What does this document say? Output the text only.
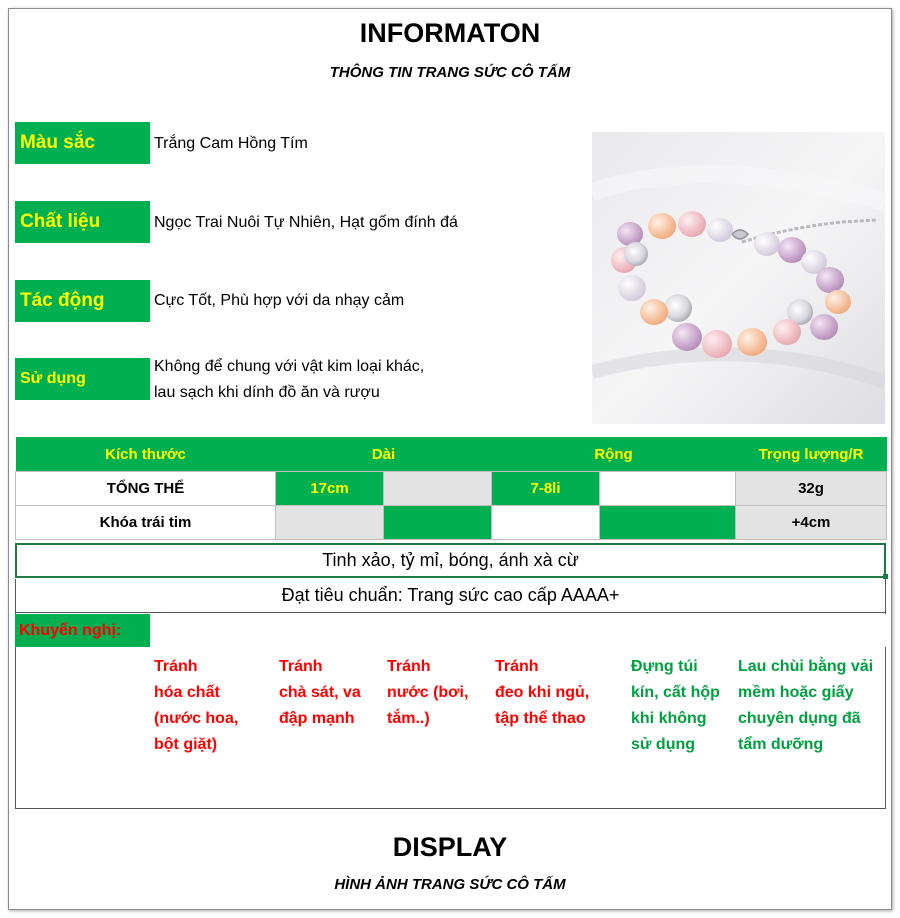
INFORMATON
THÔNG TIN TRANG SỨC CÔ TẤM
Màu sắc	Trắng Cam Hồng Tím
Chất liệu	Ngọc Trai Nuôi Tự Nhiên, Hạt gốm đính đá
Tác động	Cực Tốt, Phù hợp với da nhạy cảm
Sử dụng
Không để chung với vật kim loại khác,
lau sạch khi dính đồ ăn và rượu
Kích thước	Dài		Rộng		Trọng lượng/R
TỔNG THỂ	17cm		7-8li		32g
Khóa trái tim					+4cm
Tinh xảo, tỷ mỉ, bóng, ánh xà cừ
Đạt tiêu chuẩn: Trang sức cao cấp AAAA+
Khuyến nghị:
Tránh
hóa chất
(nước hoa,
bột giặt)
Tránh
chà sát, va
đập mạnh
Tránh
nước (bơi,
tắm..)
Tránh
đeo khi ngủ,
tập thể thao
Đựng túi
kín, cất hộp
khi không
sử dụng
Lau chùi bằng vải
mềm hoặc giấy
chuyên dụng đã
tẩm dưỡng
DISPLAY
HÌNH ẢNH TRANG SỨC CÔ TẤM
